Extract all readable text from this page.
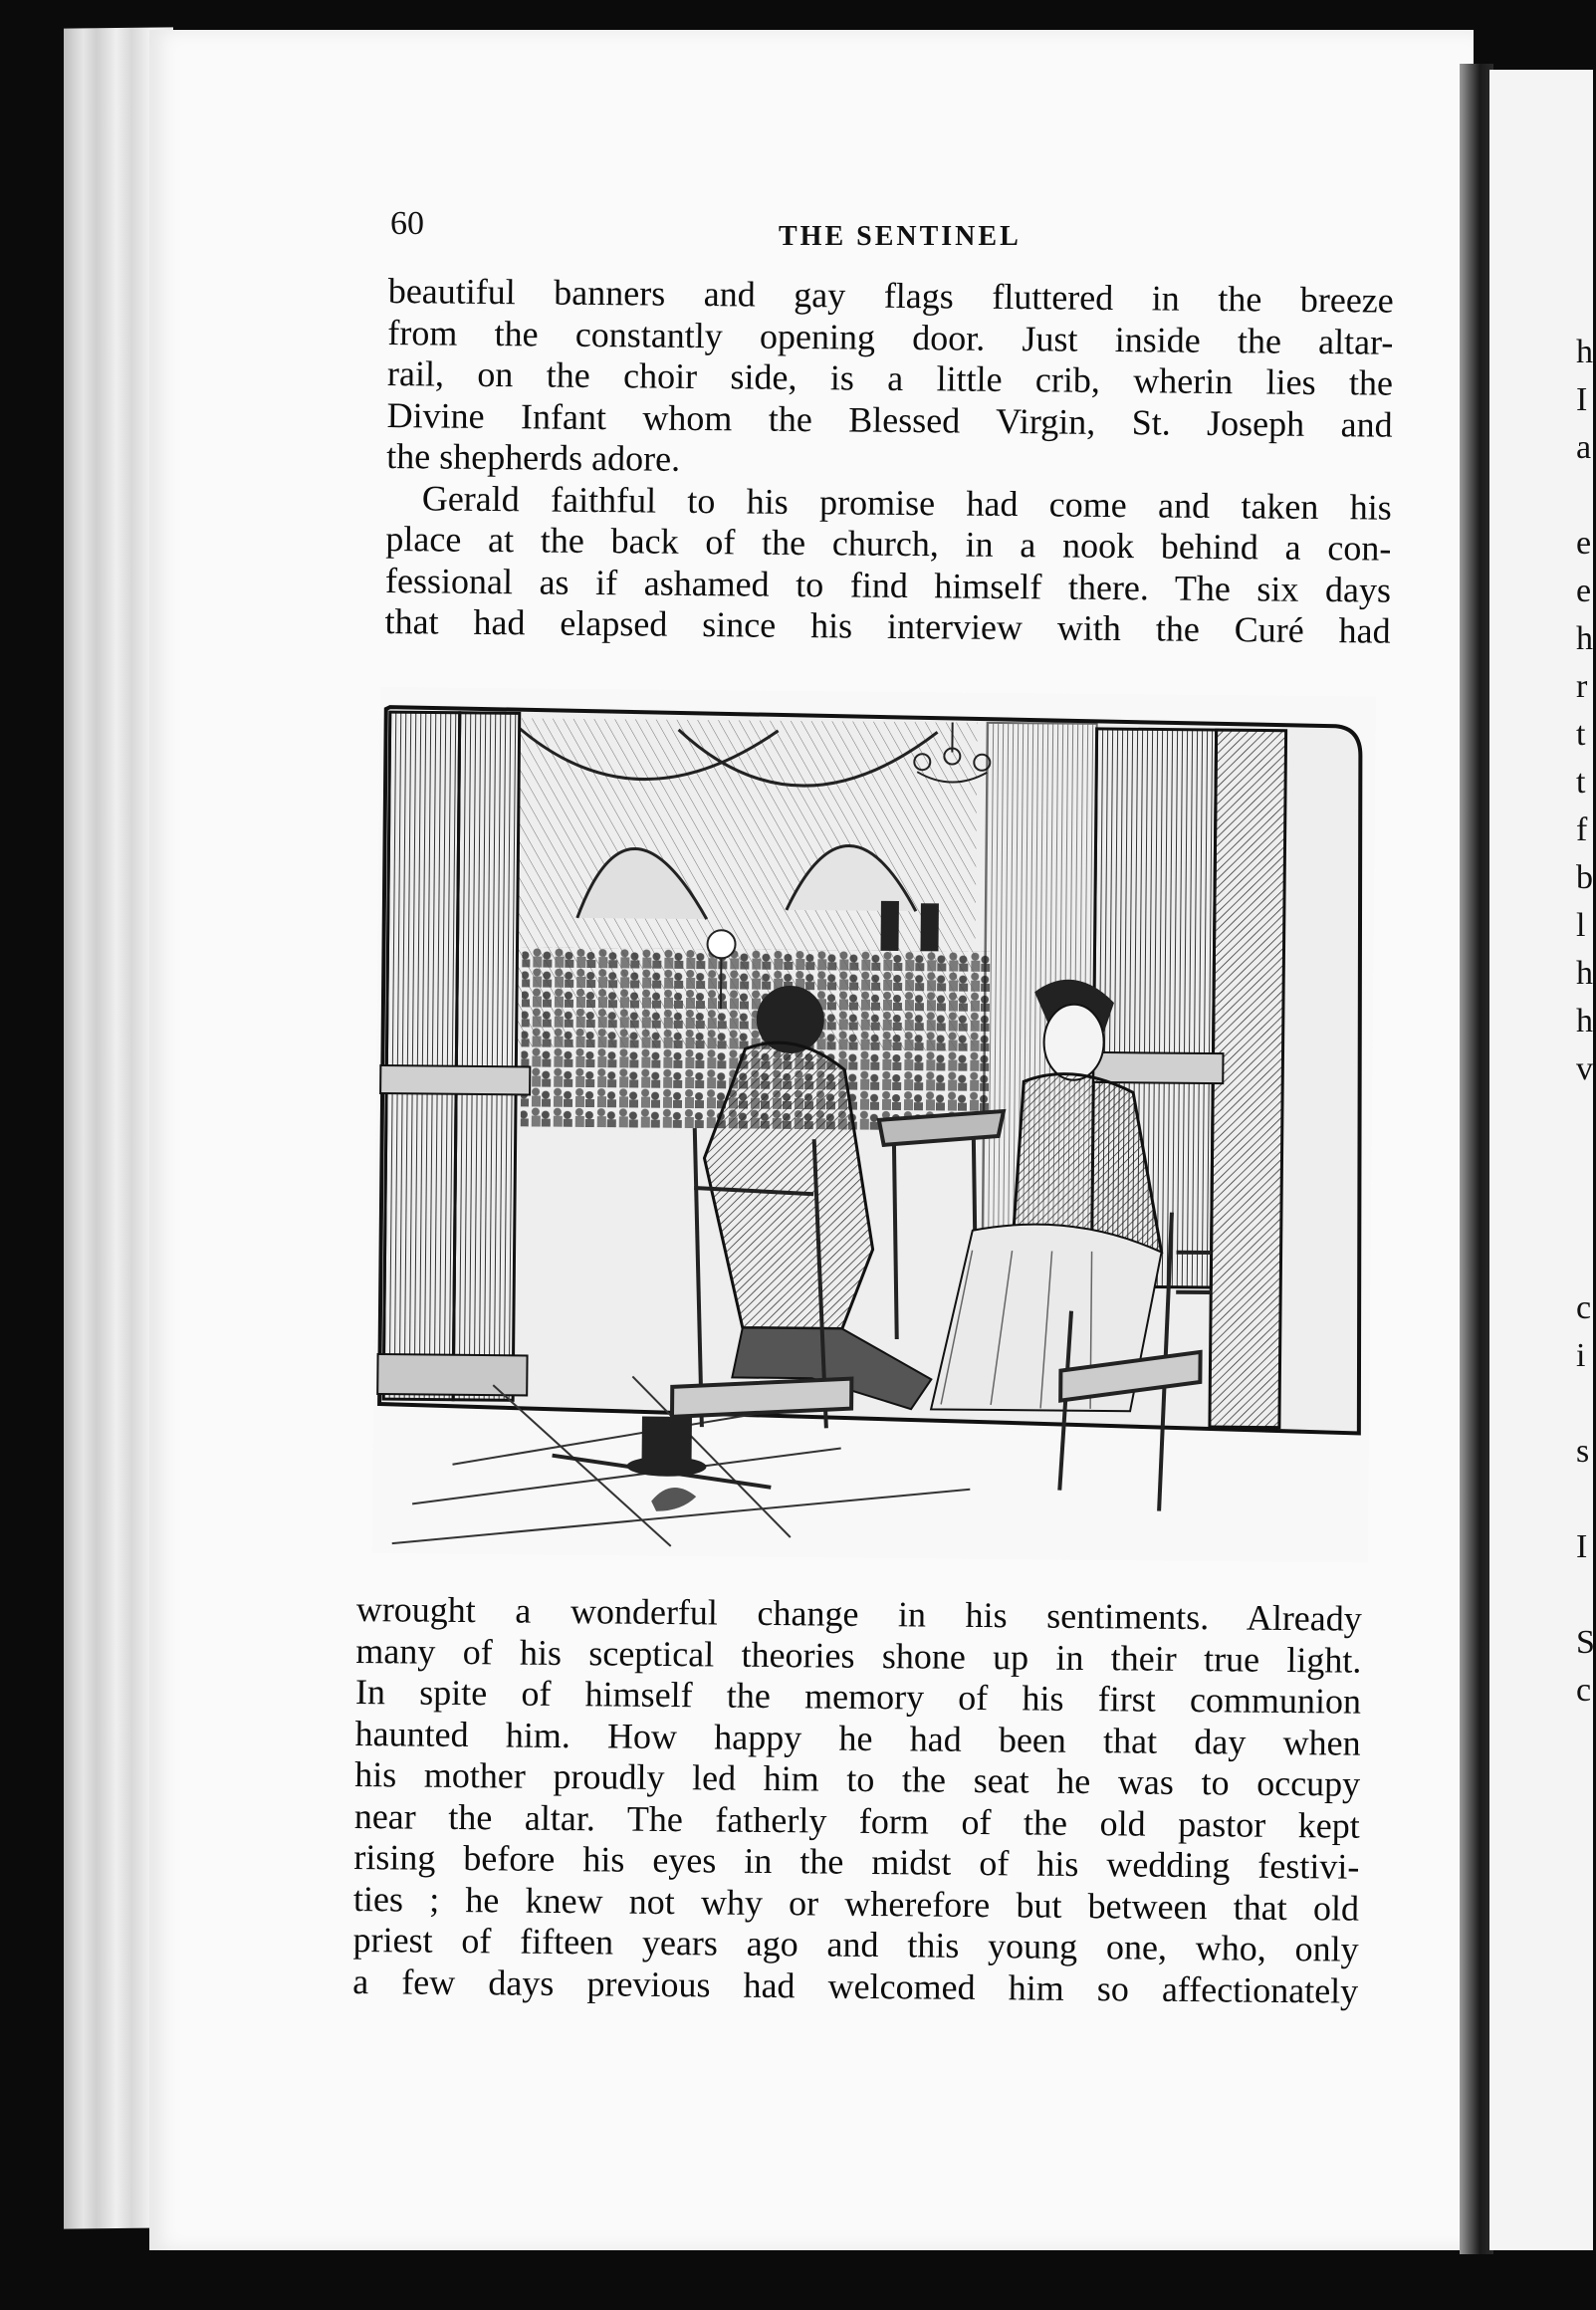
h
I
a

e
e
h
r
t
t
f
b
l
h
h
v

c
i

s

I

S
c
60	THE SENTINEL
beautiful banners and gay flags fluttered in the breeze
from the constantly opening door. Just inside the altar-
rail, on the choir side, is a little crib, wherin lies the
Divine Infant whom the Blessed Virgin, St. Joseph and
the shepherds adore.
Gerald faithful to his promise had come and taken his
place at the back of the church, in a nook behind a con-
fessional as if ashamed to find himself there. The six days
that had elapsed since his interview with the Curé had
wrought a wonderful change in his sentiments. Already
many of his sceptical theories shone up in their true light.
In spite of himself the memory of his first communion
haunted him. How happy he had been that day when
his mother proudly led him to the seat he was to occupy
near the altar. The fatherly form of the old pastor kept
rising before his eyes in the midst of his wedding festivi-
ties ; he knew not why or wherefore but between that old
priest of fifteen years ago and this young one, who, only
a few days previous had welcomed him so affectionately
